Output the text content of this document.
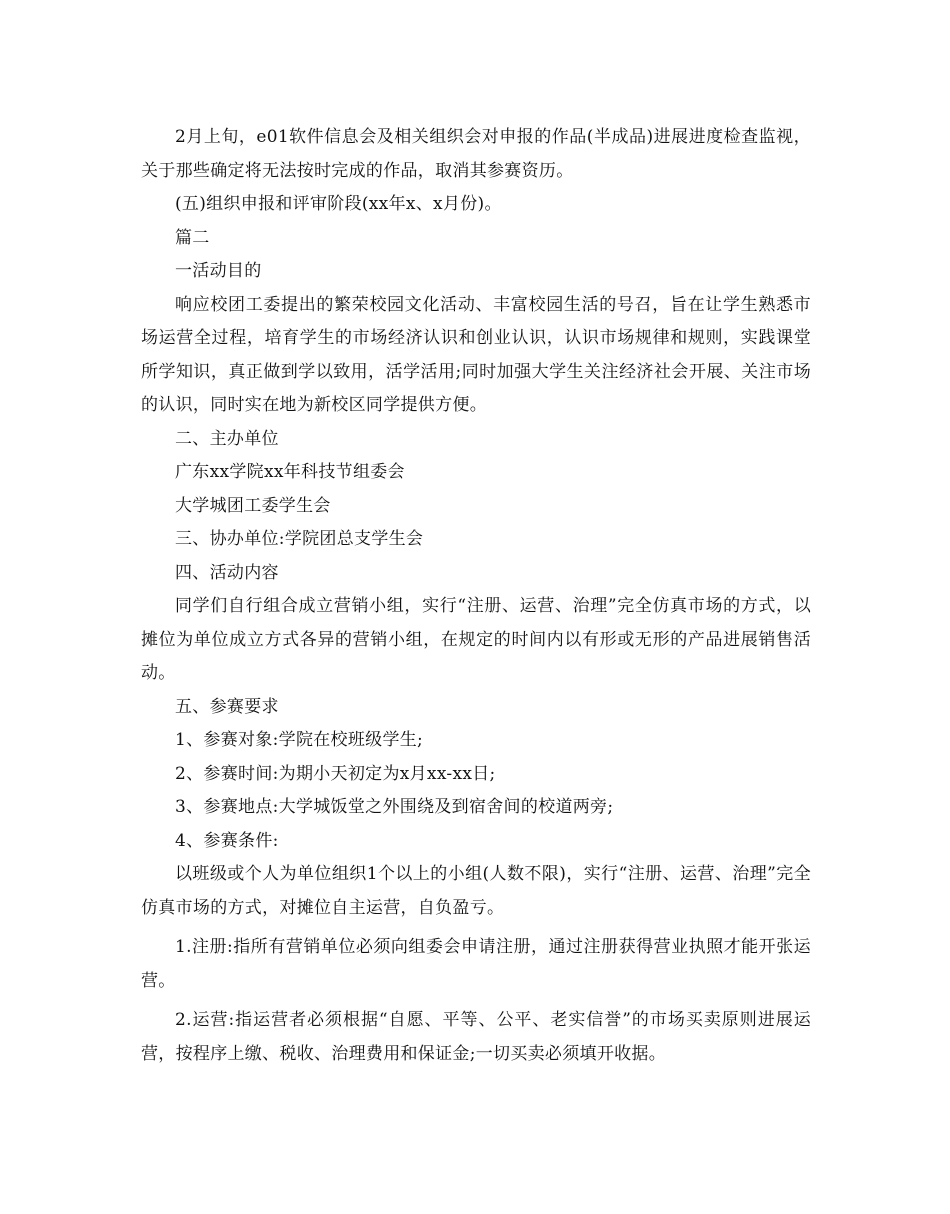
2月上旬，e01软件信息会及相关组织会对申报的作品(半成品)进展进度检查监视，关于那些确定将无法按时完成的作品，取消其参赛资历。

(五)组织申报和评审阶段(xx年x、x月份)。

篇二

一活动目的

响应校团工委提出的繁荣校园文化活动、丰富校园生活的号召，旨在让学生熟悉市场运营全过程，培育学生的市场经济认识和创业认识，认识市场规律和规则，实践课堂所学知识，真正做到学以致用，活学活用;同时加强大学生关注经济社会开展、关注市场的认识，同时实在地为新校区同学提供方便。

二、主办单位

广东xx学院xx年科技节组委会

大学城团工委学生会

三、协办单位:学院团总支学生会

四、活动内容

同学们自行组合成立营销小组，实行“注册、运营、治理”完全仿真市场的方式，以摊位为单位成立方式各异的营销小组，在规定的时间内以有形或无形的产品进展销售活动。

五、参赛要求

1、参赛对象:学院在校班级学生;

2、参赛时间:为期小天初定为x月xx-xx日;

3、参赛地点:大学城饭堂之外围绕及到宿舍间的校道两旁;

4、参赛条件:

以班级或个人为单位组织1个以上的小组(人数不限)，实行“注册、运营、治理”完全仿真市场的方式，对摊位自主运营，自负盈亏。

1.注册:指所有营销单位必须向组委会申请注册，通过注册获得营业执照才能开张运营。

2.运营:指运营者必须根据“自愿、平等、公平、老实信誉”的市场买卖原则进展运营，按程序上缴、税收、治理费用和保证金;一切买卖必须填开收据。
